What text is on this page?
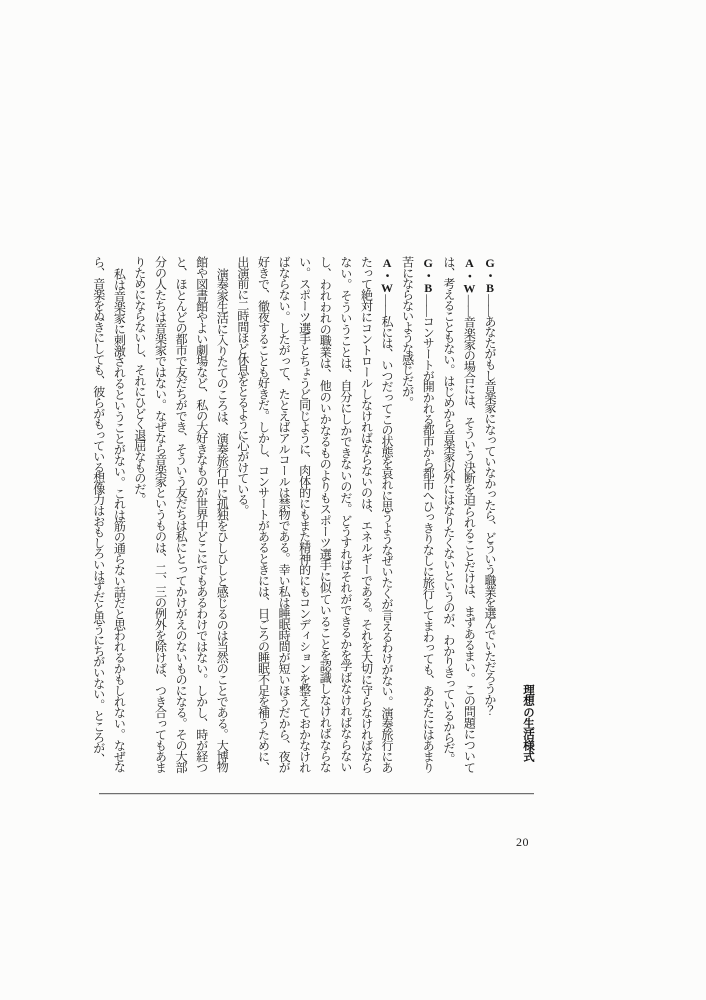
G・B――あなたがもし音楽家になっていなかったら、どういう職業を選んでいただろうか？

A・W――音楽家の場合には、そういう決断を迫られることだけは、まずあるまい。この問題については、考えることもない。はじめから音楽家以外にはなりたくないというのが、わかりきっているからだ。

G・B――コンサートが開かれる都市から都市へひっきりなしに旅行してまわっても、あなたにはあまり苦にならないような感じだが。

A・W――私には、いつだってこの状態を哀れに思うようなぜいたくが言えるわけがない。演奏旅行にあたって絶対にコントロールしなければならないのは、エネルギーである。それを大切に守らなければならない。そういうことは、自分にしかできないのだ。どうすればそれができるかを学ばなければならないし、われわれの職業は、他のいかなるものよりもスポーツ選手に似ていることを認識しなければならない。スポーツ選手とちょうど同じように、肉体的にもまた精神的にもコンディションを整えておかなければならない。したがって、たとえばアルコールは禁物である。幸い私は睡眠時間が短いほうだから、夜が好きで、徹夜することも好きだ。しかし、コンサートがあるときには、日ごろの睡眠不足を補うために、出演前に二時間ほど休息をとるように心がけている。

演奏家生活に入りたてのころは、演奏旅行中に孤独をひしひしと感じるのは当然のことである。大博物館や図書館やよい劇場など、私の大好きなものが世界中どこにでもあるわけではない。しかし、時が経つと、ほとんどの都市で友だちができ、そういう友だちは私にとってかけがえのないものになる。その大部分の人たちは音楽家ではない。なぜなら音楽家というものは、二、三の例外を除けば、つき合ってもあまりためにならないし、それにひどく退屈なものだ。

私は音楽家に刺激されるということがない。これは筋の通らない話だと思われるかもしれない。なぜなら、音楽をぬきにしても、彼らがもっている想像力はおもしろいはずだと思うにちがいない。ところが、	理想の生活様式
20
